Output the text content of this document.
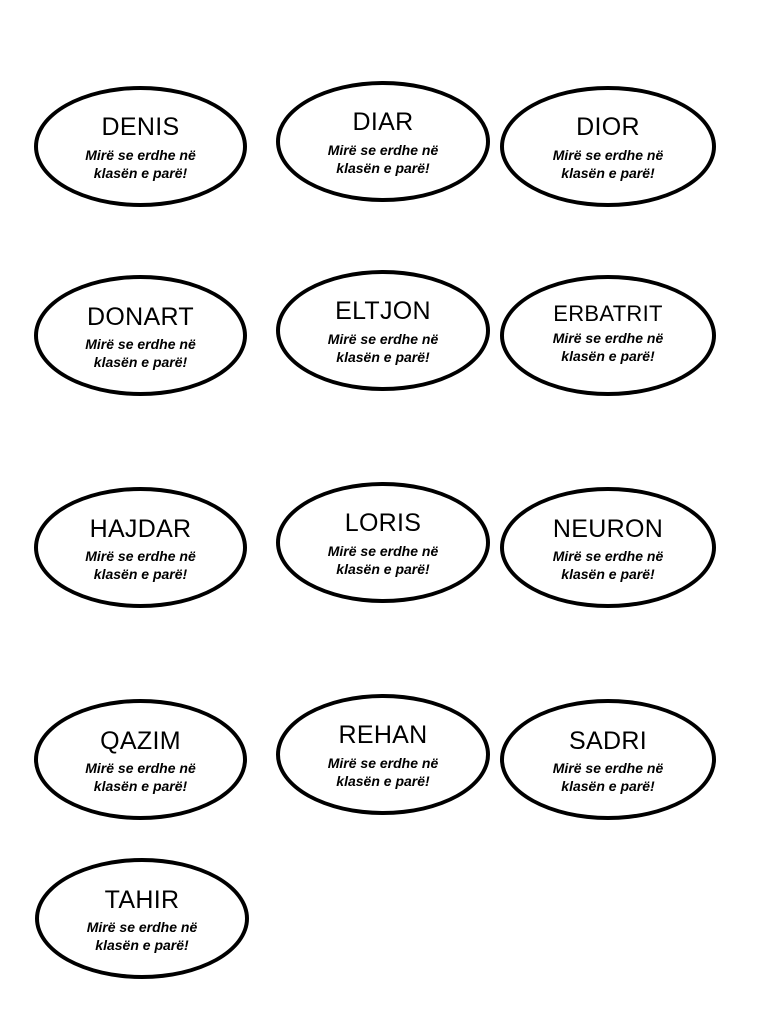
DENIS
Mirë se erdhe në
klasën e parë!
DIAR
Mirë se erdhe në
klasën e parë!
DIOR
Mirë se erdhe në
klasën e parë!
DONART
Mirë se erdhe në
klasën e parë!
ELTJON
Mirë se erdhe në
klasën e parë!
ERBATRIT
Mirë se erdhe në
klasën e parë!
HAJDAR
Mirë se erdhe në
klasën e parë!
LORIS
Mirë se erdhe në
klasën e parë!
NEURON
Mirë se erdhe në
klasën e parë!
QAZIM
Mirë se erdhe në
klasën e parë!
REHAN
Mirë se erdhe në
klasën e parë!
SADRI
Mirë se erdhe në
klasën e parë!
TAHIR
Mirë se erdhe në
klasën e parë!
